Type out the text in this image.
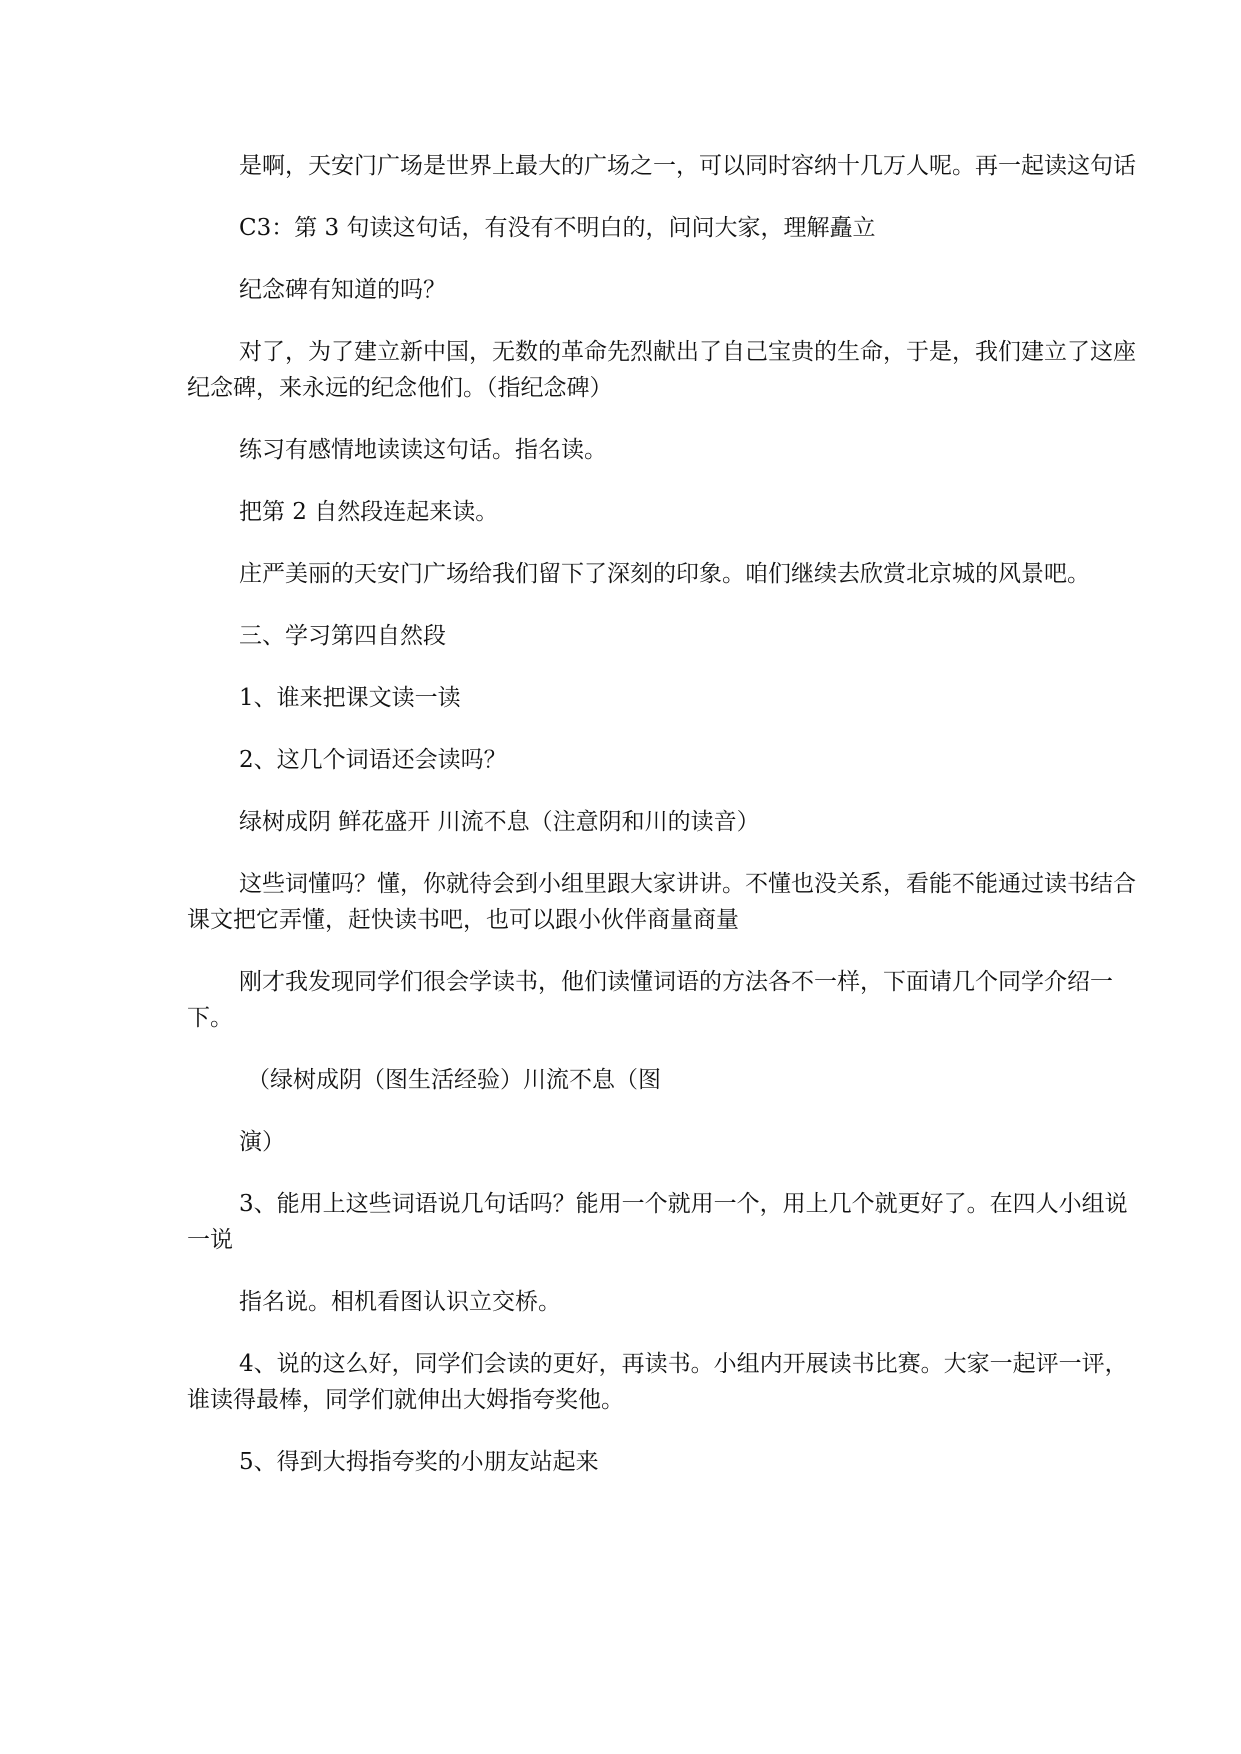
是啊，天安门广场是世界上最大的广场之一，可以同时容纳十几万人呢。再一起读这句话

C3：第 3 句读这句话，有没有不明白的，问问大家，理解矗立

纪念碑有知道的吗？

对了，为了建立新中国，无数的革命先烈献出了自己宝贵的生命，于是，我们建立了这座纪念碑，来永远的纪念他们。（指纪念碑）

练习有感情地读读这句话。指名读。

把第 2 自然段连起来读。

庄严美丽的天安门广场给我们留下了深刻的印象。咱们继续去欣赏北京城的风景吧。

三、学习第四自然段

1、谁来把课文读一读

2、这几个词语还会读吗？

绿树成阴 鲜花盛开 川流不息（注意阴和川的读音）

这些词懂吗？懂，你就待会到小组里跟大家讲讲。不懂也没关系，看能不能通过读书结合课文把它弄懂，赶快读书吧，也可以跟小伙伴商量商量

刚才我发现同学们很会学读书，他们读懂词语的方法各不一样，下面请几个同学介绍一下。

（绿树成阴（图生活经验）川流不息（图

演）

3、能用上这些词语说几句话吗？能用一个就用一个，用上几个就更好了。在四人小组说一说

指名说。相机看图认识立交桥。

4、说的这么好，同学们会读的更好，再读书。小组内开展读书比赛。大家一起评一评，谁读得最棒，同学们就伸出大姆指夸奖他。

5、得到大拇指夸奖的小朋友站起来
